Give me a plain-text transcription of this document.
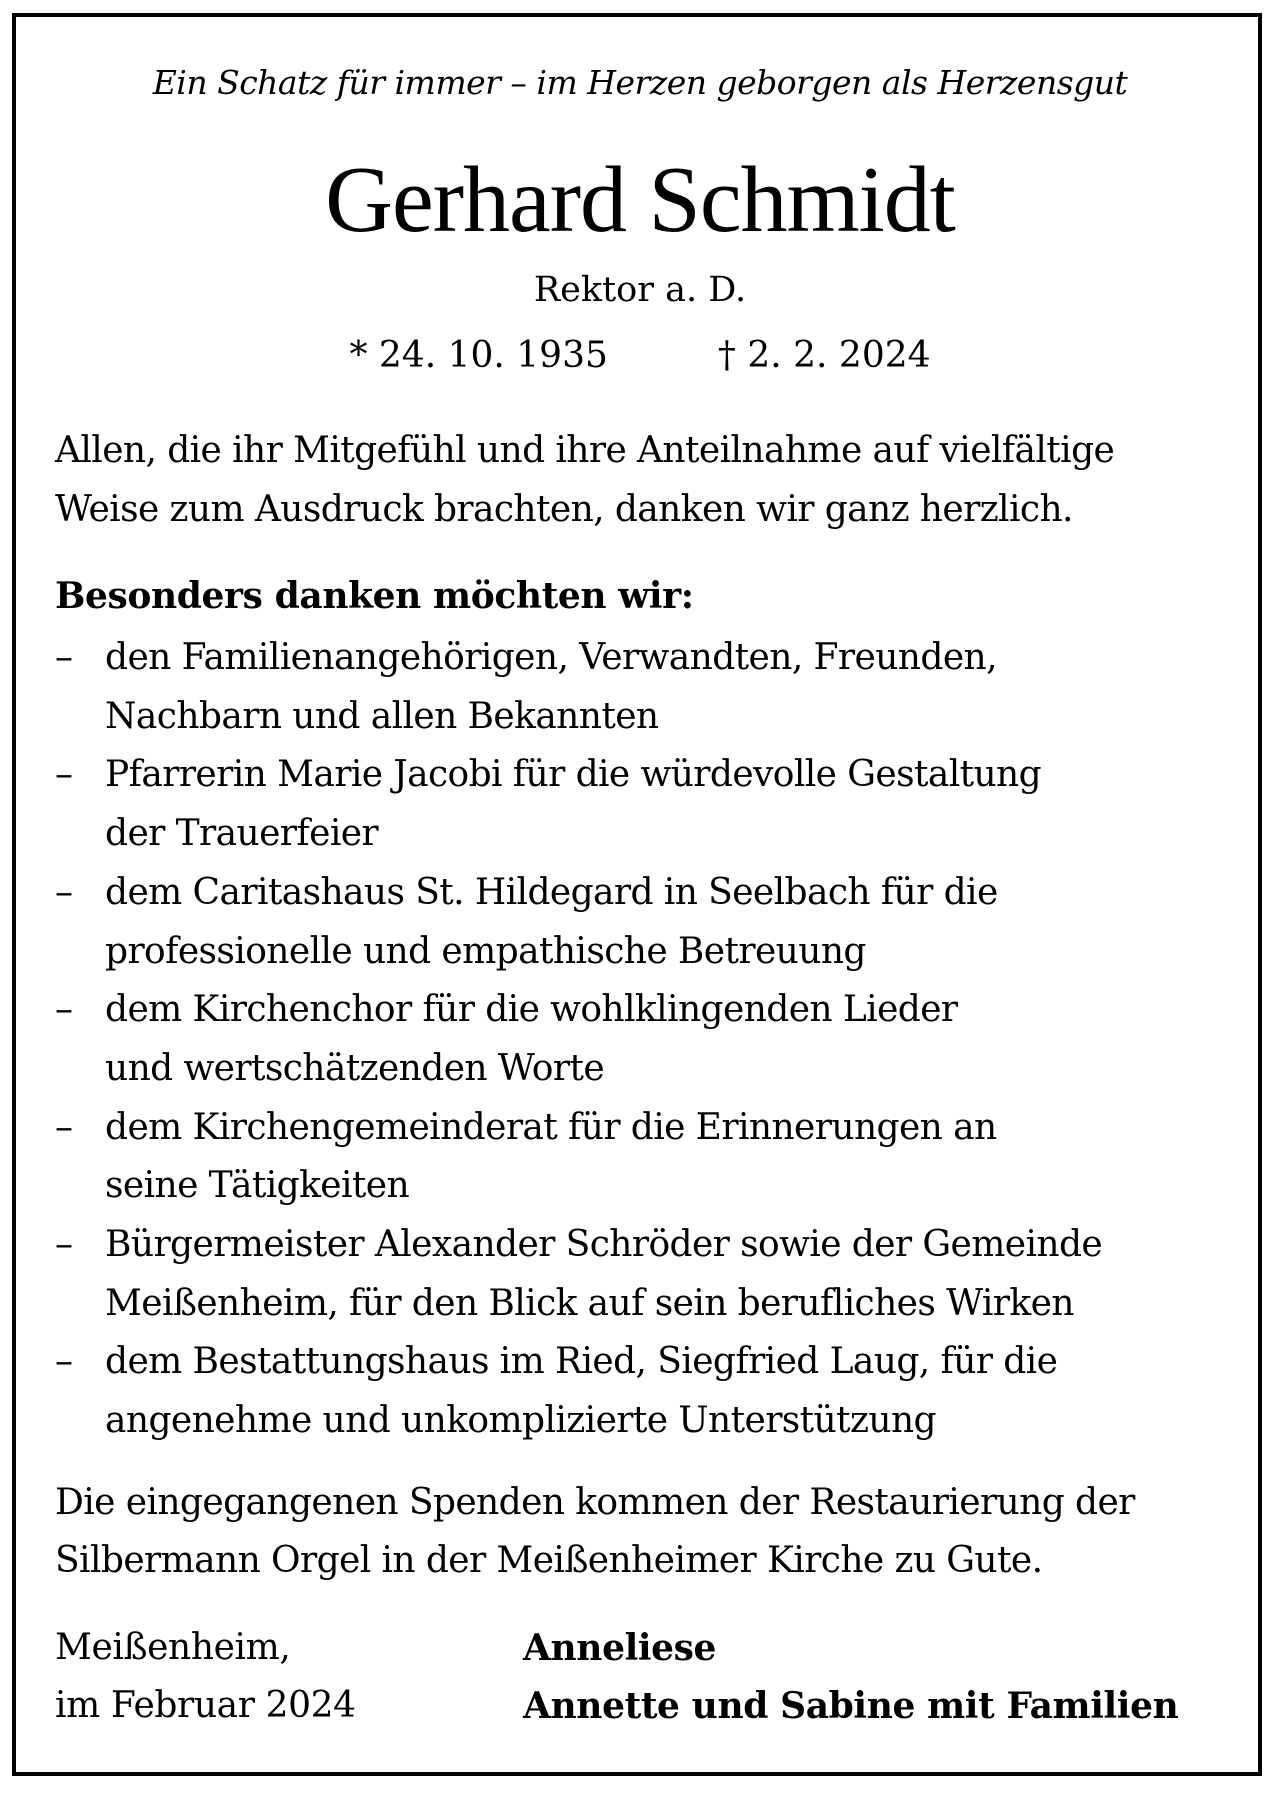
Ein Schatz für immer – im Herzen geborgen als Herzensgut
Gerhard Schmidt
Rektor a. D.
* 24. 10. 1935	† 2. 2. 2024
Allen, die ihr Mitgefühl und ihre Anteilnahme auf vielfältige
Weise zum Ausdruck brachten, danken wir ganz herzlich.
Besonders danken möchten wir:
– den Familienangehörigen, Verwandten, Freunden,
Nachbarn und allen Bekannten
– Pfarrerin Marie Jacobi für die würdevolle Gestaltung
der Trauerfeier
– dem Caritashaus St. Hildegard in Seelbach für die
professionelle und empathische Betreuung
– dem Kirchenchor für die wohlklingenden Lieder
und wertschätzenden Worte
– dem Kirchengemeinderat für die Erinnerungen an
seine Tätigkeiten
– Bürgermeister Alexander Schröder sowie der Gemeinde
Meißenheim, für den Blick auf sein berufliches Wirken
– dem Bestattungshaus im Ried, Siegfried Laug, für die
angenehme und unkomplizierte Unterstützung
Die eingegangenen Spenden kommen der Restaurierung der
Silbermann Orgel in der Meißenheimer Kirche zu Gute.
Meißenheim,
im Februar 2024
Anneliese
Annette und Sabine mit Familien
